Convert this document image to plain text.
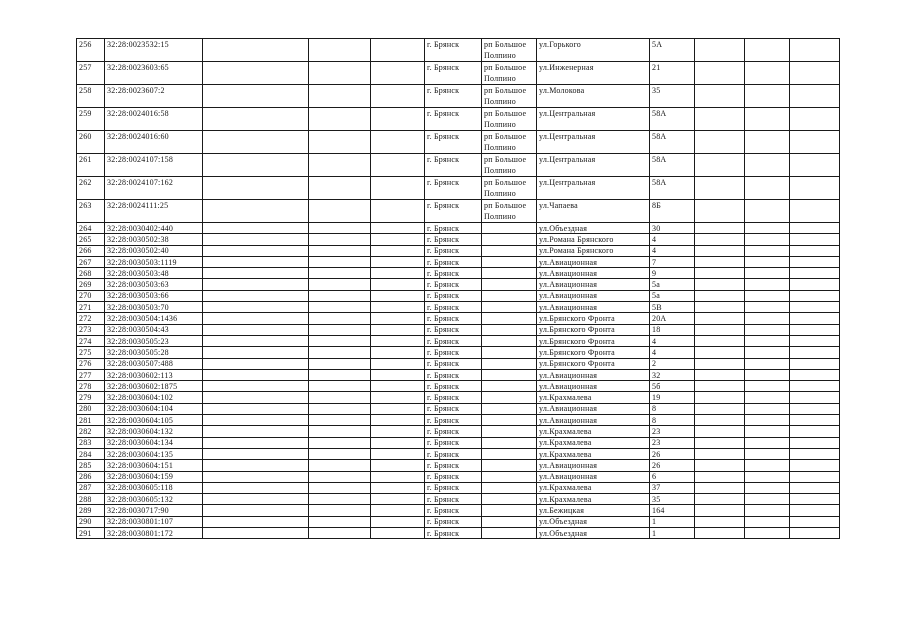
256	32:28:0023532:15				г. Брянск	рп Большое Полпино	ул.Горького	5А			
257	32:28:0023603:65				г. Брянск	рп Большое Полпино	ул.Инженерная	21			
258	32:28:0023607:2				г. Брянск	рп Большое Полпино	ул.Молокова	35			
259	32:28:0024016:58				г. Брянск	рп Большое Полпино	ул.Центральная	58А			
260	32:28:0024016:60				г. Брянск	рп Большое Полпино	ул.Центральная	58А			
261	32:28:0024107:158				г. Брянск	рп Большое Полпино	ул.Центральная	58А			
262	32:28:0024107:162				г. Брянск	рп Большое Полпино	ул.Центральная	58А			
263	32:28:0024111:25				г. Брянск	рп Большое Полпино	ул.Чапаева	8Б			
264	32:28:0030402:440				г. Брянск		ул.Объездная	30			
265	32:28:0030502:38				г. Брянск		ул.Романа Брянского	4			
266	32:28:0030502:40				г. Брянск		ул.Романа Брянского	4			
267	32:28:0030503:1119				г. Брянск		ул.Авиационная	7			
268	32:28:0030503:48				г. Брянск		ул.Авиационная	9			
269	32:28:0030503:63				г. Брянск		ул.Авиационная	5а			
270	32:28:0030503:66				г. Брянск		ул.Авиационная	5а			
271	32:28:0030503:70				г. Брянск		ул.Авиационная	5В			
272	32:28:0030504:1436				г. Брянск		ул.Брянского Фронта	20А			
273	32:28:0030504:43				г. Брянск		ул.Брянского Фронта	18			
274	32:28:0030505:23				г. Брянск		ул.Брянского Фронта	4			
275	32:28:0030505:28				г. Брянск		ул.Брянского Фронта	4			
276	32:28:0030507:488				г. Брянск		ул.Брянского Фронта	2			
277	32:28:0030602:113				г. Брянск		ул.Авиационная	32			
278	32:28:0030602:1875				г. Брянск		ул.Авиационная	5б			
279	32:28:0030604:102				г. Брянск		ул.Крахмалева	19			
280	32:28:0030604:104				г. Брянск		ул.Авиационная	8			
281	32:28:0030604:105				г. Брянск		ул.Авиационная	8			
282	32:28:0030604:132				г. Брянск		ул.Крахмалева	23			
283	32:28:0030604:134				г. Брянск		ул.Крахмалева	23			
284	32:28:0030604:135				г. Брянск		ул.Крахмалева	26			
285	32:28:0030604:151				г. Брянск		ул.Авиационная	26			
286	32:28:0030604:159				г. Брянск		ул.Авиационная	6			
287	32:28:0030605:118				г. Брянск		ул.Крахмалева	37			
288	32:28:0030605:132				г. Брянск		ул.Крахмалева	35			
289	32:28:0030717:90				г. Брянск		ул.Бежицкая	164			
290	32:28:0030801:107				г. Брянск		ул.Объездная	1			
291	32:28:0030801:172				г. Брянск		ул.Объездная	1			
